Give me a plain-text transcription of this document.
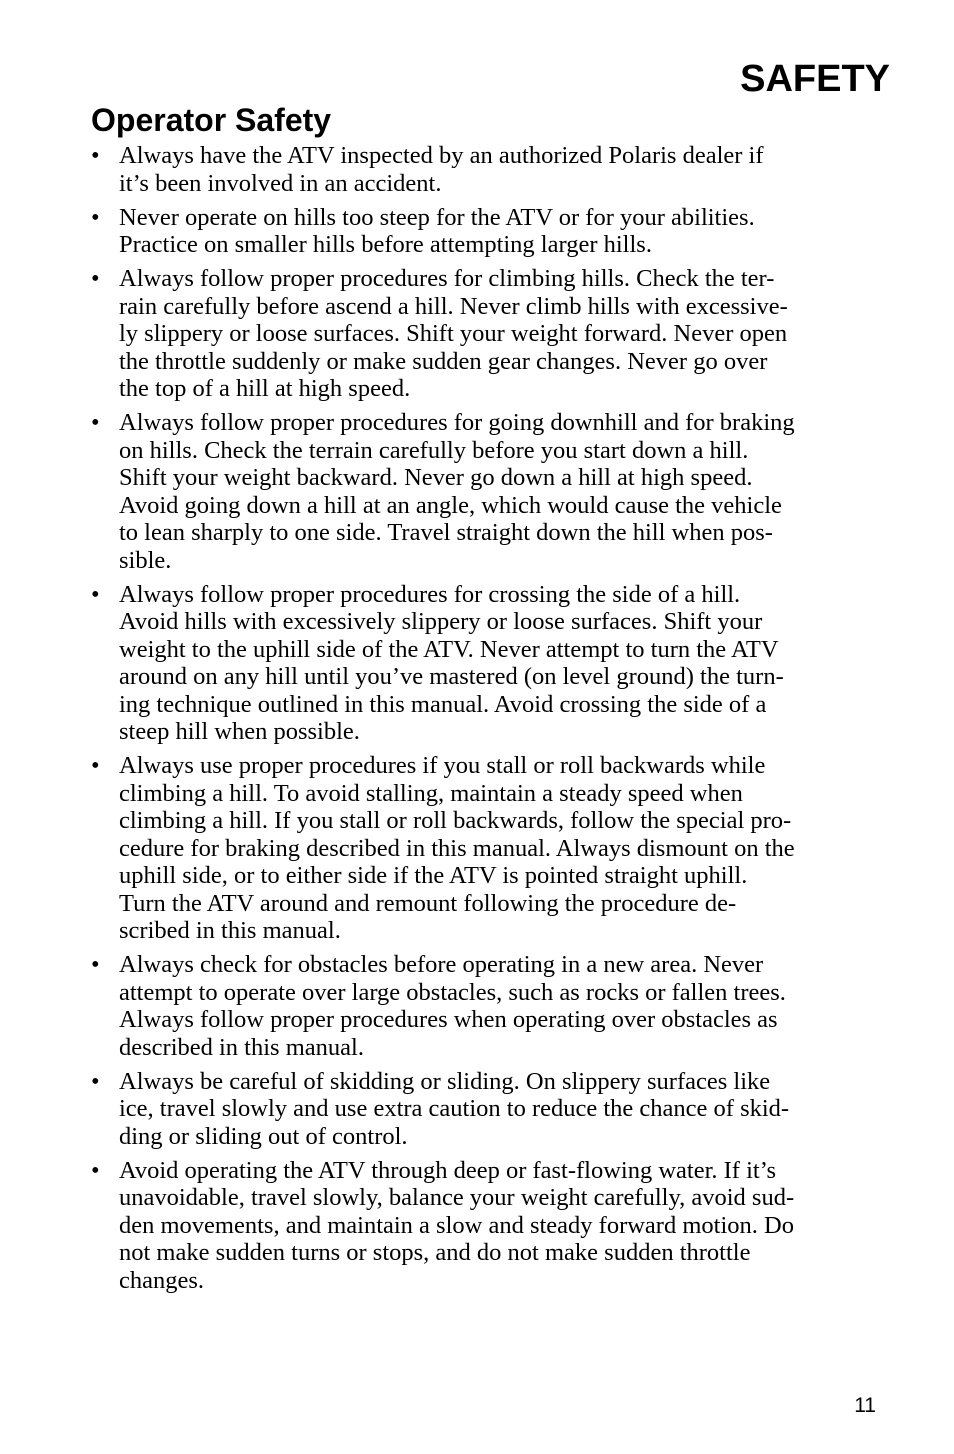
SAFETY
Operator Safety
• Always have the ATV inspected by an authorized Polaris dealer if
it’s been involved in an accident.
• Never operate on hills too steep for the ATV or for your abilities.
Practice on smaller hills before attempting larger hills.
• Always follow proper procedures for climbing hills. Check the ter-
rain carefully before ascend a hill. Never climb hills with excessive-
ly slippery or loose surfaces. Shift your weight forward. Never open
the throttle suddenly or make sudden gear changes. Never go over
the top of a hill at high speed.
• Always follow proper procedures for going downhill and for braking
on hills. Check the terrain carefully before you start down a hill.
Shift your weight backward. Never go down a hill at high speed.
Avoid going down a hill at an angle, which would cause the vehicle
to lean sharply to one side. Travel straight down the hill when pos-
sible.
• Always follow proper procedures for crossing the side of a hill.
Avoid hills with excessively slippery or loose surfaces. Shift your
weight to the uphill side of the ATV. Never attempt to turn the ATV
around on any hill until you’ve mastered (on level ground) the turn-
ing technique outlined in this manual. Avoid crossing the side of a
steep hill when possible.
• Always use proper procedures if you stall or roll backwards while
climbing a hill. To avoid stalling, maintain a steady speed when
climbing a hill. If you stall or roll backwards, follow the special pro-
cedure for braking described in this manual. Always dismount on the
uphill side, or to either side if the ATV is pointed straight uphill.
Turn the ATV around and remount following the procedure de-
scribed in this manual.
• Always check for obstacles before operating in a new area. Never
attempt to operate over large obstacles, such as rocks or fallen trees.
Always follow proper procedures when operating over obstacles as
described in this manual.
• Always be careful of skidding or sliding. On slippery surfaces like
ice, travel slowly and use extra caution to reduce the chance of skid-
ding or sliding out of control.
• Avoid operating the ATV through deep or fast-flowing water. If it’s
unavoidable, travel slowly, balance your weight carefully, avoid sud-
den movements, and maintain a slow and steady forward motion. Do
not make sudden turns or stops, and do not make sudden throttle
changes.
11
